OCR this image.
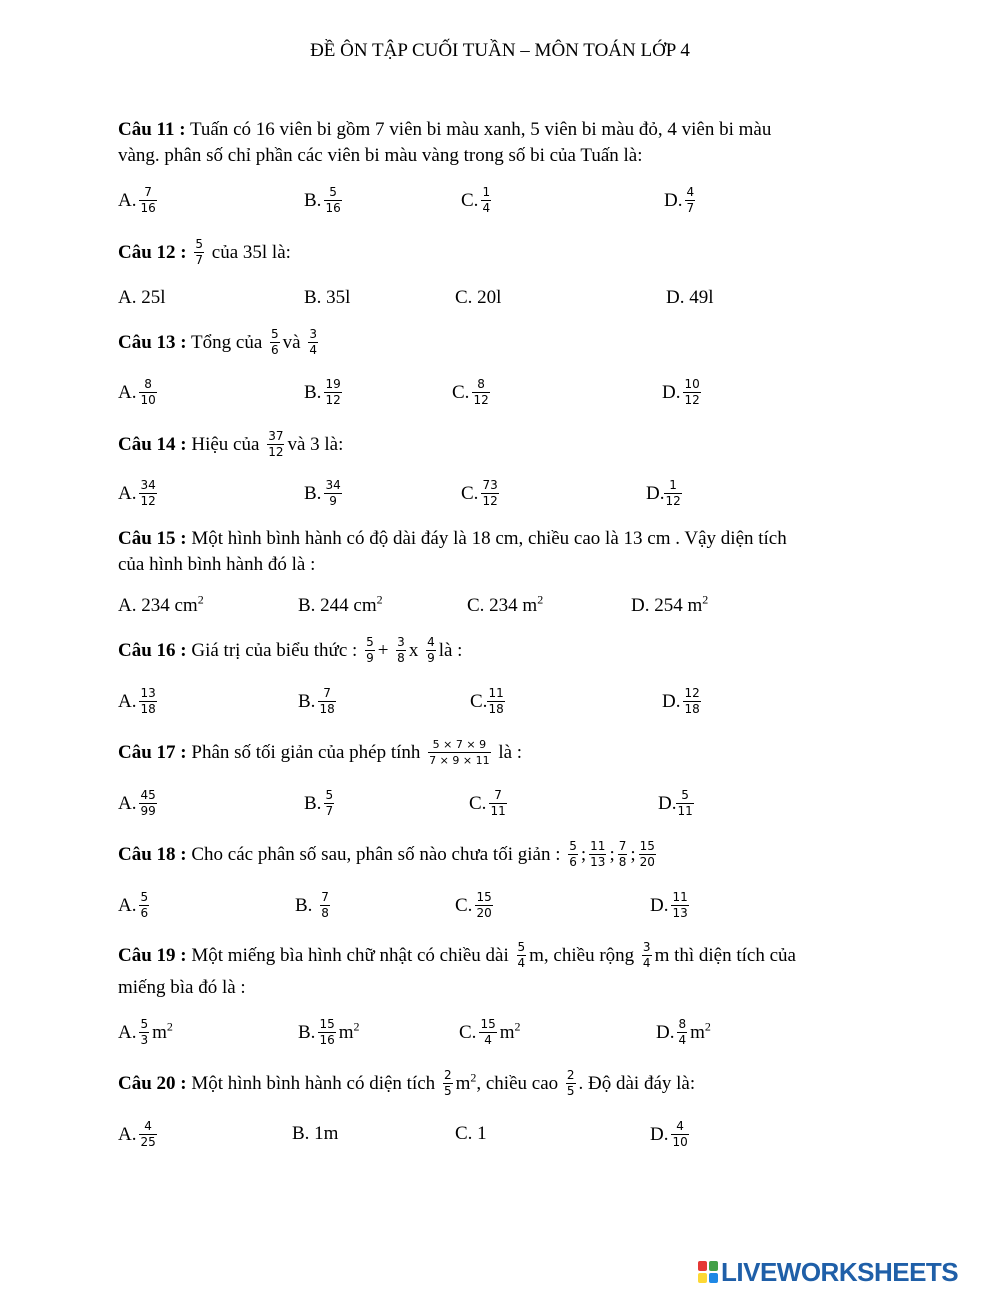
ĐỀ ÔN TẬP CUỐI TUẦN – MÔN TOÁN LỚP 4
Câu 11 : Tuấn có 16 viên bi gồm 7 viên bi màu xanh, 5 viên bi màu đỏ, 4 viên bi màu
vàng. phân số chỉ phần các viên bi màu vàng trong số bi của Tuấn là:
A. $\frac{7}{16}$	B. $\frac{5}{16}$	C. $\frac{1}{4}$	D. $\frac{4}{7}$
Câu 12 : $\frac{5}{7}$ của 35l là:
A. 25l	B. 35l	C. 20l	D. 49l
Câu 13 : Tổng của $\frac{5}{6}$ và $\frac{3}{4}$
A. $\frac{8}{10}$	B. $\frac{19}{12}$	C. $\frac{8}{12}$	D. $\frac{10}{12}$
Câu 14 : Hiệu của $\frac{37}{12}$ và 3 là:
A. $\frac{34}{12}$	B. $\frac{34}{9}$	C. $\frac{73}{12}$	D. $\frac{1}{12}$
Câu 15 : Một hình bình hành có độ dài đáy là 18 cm, chiều cao là 13 cm . Vậy diện tích
của hình bình hành đó là :
A. 234 $cm^2$	B. 244 $cm^2$	C. 234 $m^2$	D. 254 $m^2$
Câu 16 : Giá trị của biểu thức : $\frac{5}{9} + \frac{3}{8}$ x $\frac{4}{9}$ là :
A. $\frac{13}{18}$	B. $\frac{7}{18}$	C. $\frac{11}{18}$	D. $\frac{12}{18}$
Câu 17 : Phân số tối giản của phép tính $\frac{5 \times 7 \times 9}{7 \times 9 \times 11}$ là :
A. $\frac{45}{99}$	B. $\frac{5}{7}$	C. $\frac{7}{11}$	D. $\frac{5}{11}$
Câu 18 : Cho các phân số sau, phân số nào chưa tối giản : $\frac{5}{6}$ ; $\frac{11}{13}$ ; $\frac{7}{8}$ ; $\frac{15}{20}$
A. $\frac{5}{6}$	B. $\frac{7}{8}$	C. $\frac{15}{20}$	D. $\frac{11}{13}$
Câu 19 : Một miếng bìa hình chữ nhật có chiều dài $\frac{5}{4} m$, chiều rộng $\frac{3}{4}$ m thì diện tích của
miếng bìa đó là :
A. $\frac{5}{3} m^2$	B. $\frac{15}{16} m^2$	C. $\frac{15}{4} m^2$	D. $\frac{8}{4} m^2$
Câu 20 : Một hình bình hành có diện tích $\frac{2}{5} m^2$, chiều cao $\frac{2}{5}$ . Độ dài đáy là:
A. $\frac{4}{25}$	B. 1m	C. 1	D. $\frac{4}{10}$
LIVEWORKSHEETS
